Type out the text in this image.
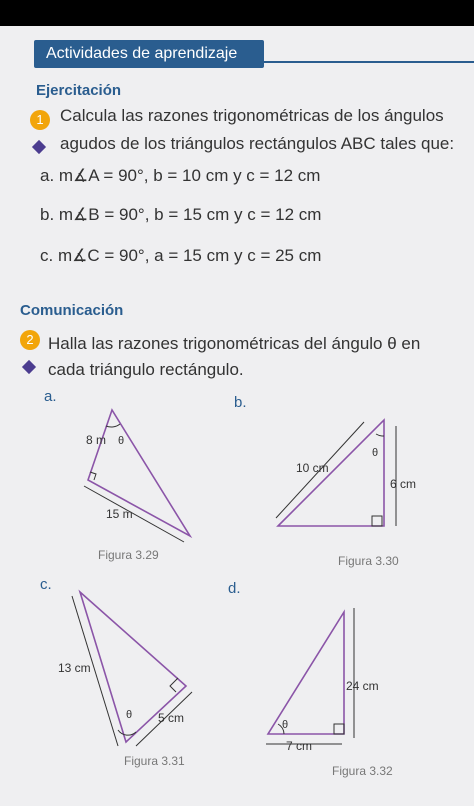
Actividades de aprendizaje
Ejercitación
1 Calcula las razones trigonométricas de los ángulos
agudos de los triángulos rectángulos ABC tales que:
a. m∡A = 90°, b = 10 cm y c = 12 cm
b. m∡B = 90°, b = 15 cm y c = 12 cm
c. m∡C = 90°, a = 15 cm y c = 25 cm
Comunicación
2 Halla las razones trigonométricas del ángulo θ en
cada triángulo rectángulo.
a.	b.
c.	d.
Figura 3.29	Figura 3.30
Figura 3.31
Figura 3.32
8 m θ
15 m
10 cm
θ
6 cm
13 cm
θ 5 cm
24 cm
θ
7 cm
